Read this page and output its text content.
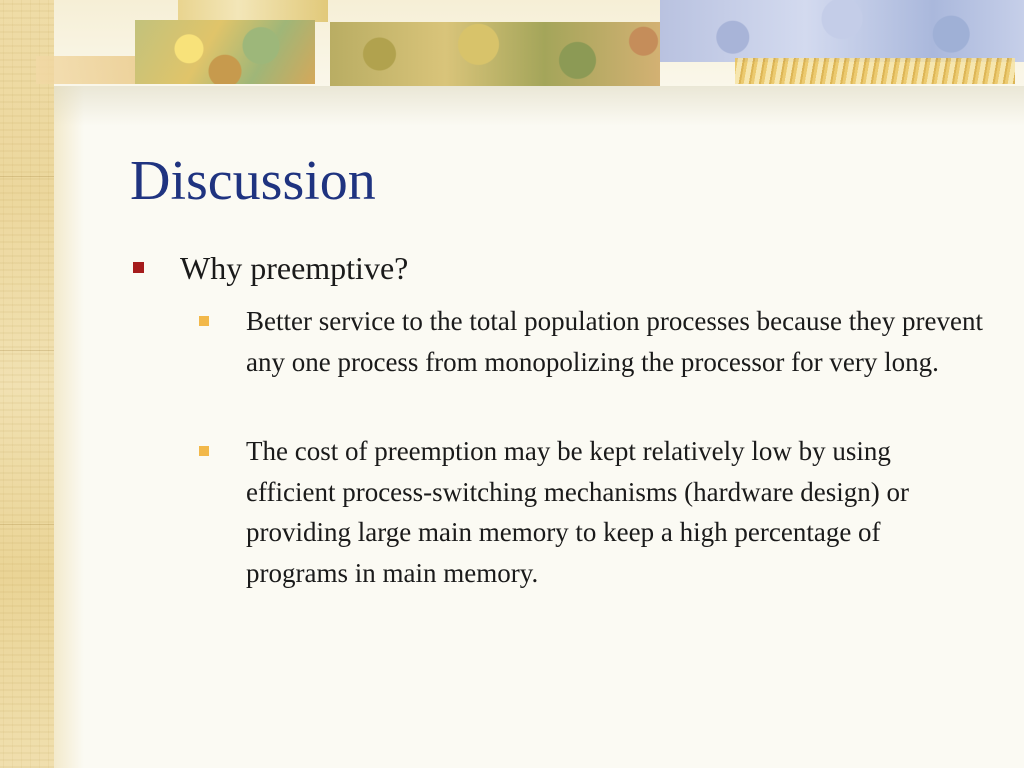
Discussion
Why preemptive?

Better service to the total population processes because they prevent any one process from monopolizing the processor for very long.

The cost of preemption may be kept relatively low by using efficient process-switching mechanisms (hardware design) or providing large main memory to keep a high percentage of programs in main memory.
